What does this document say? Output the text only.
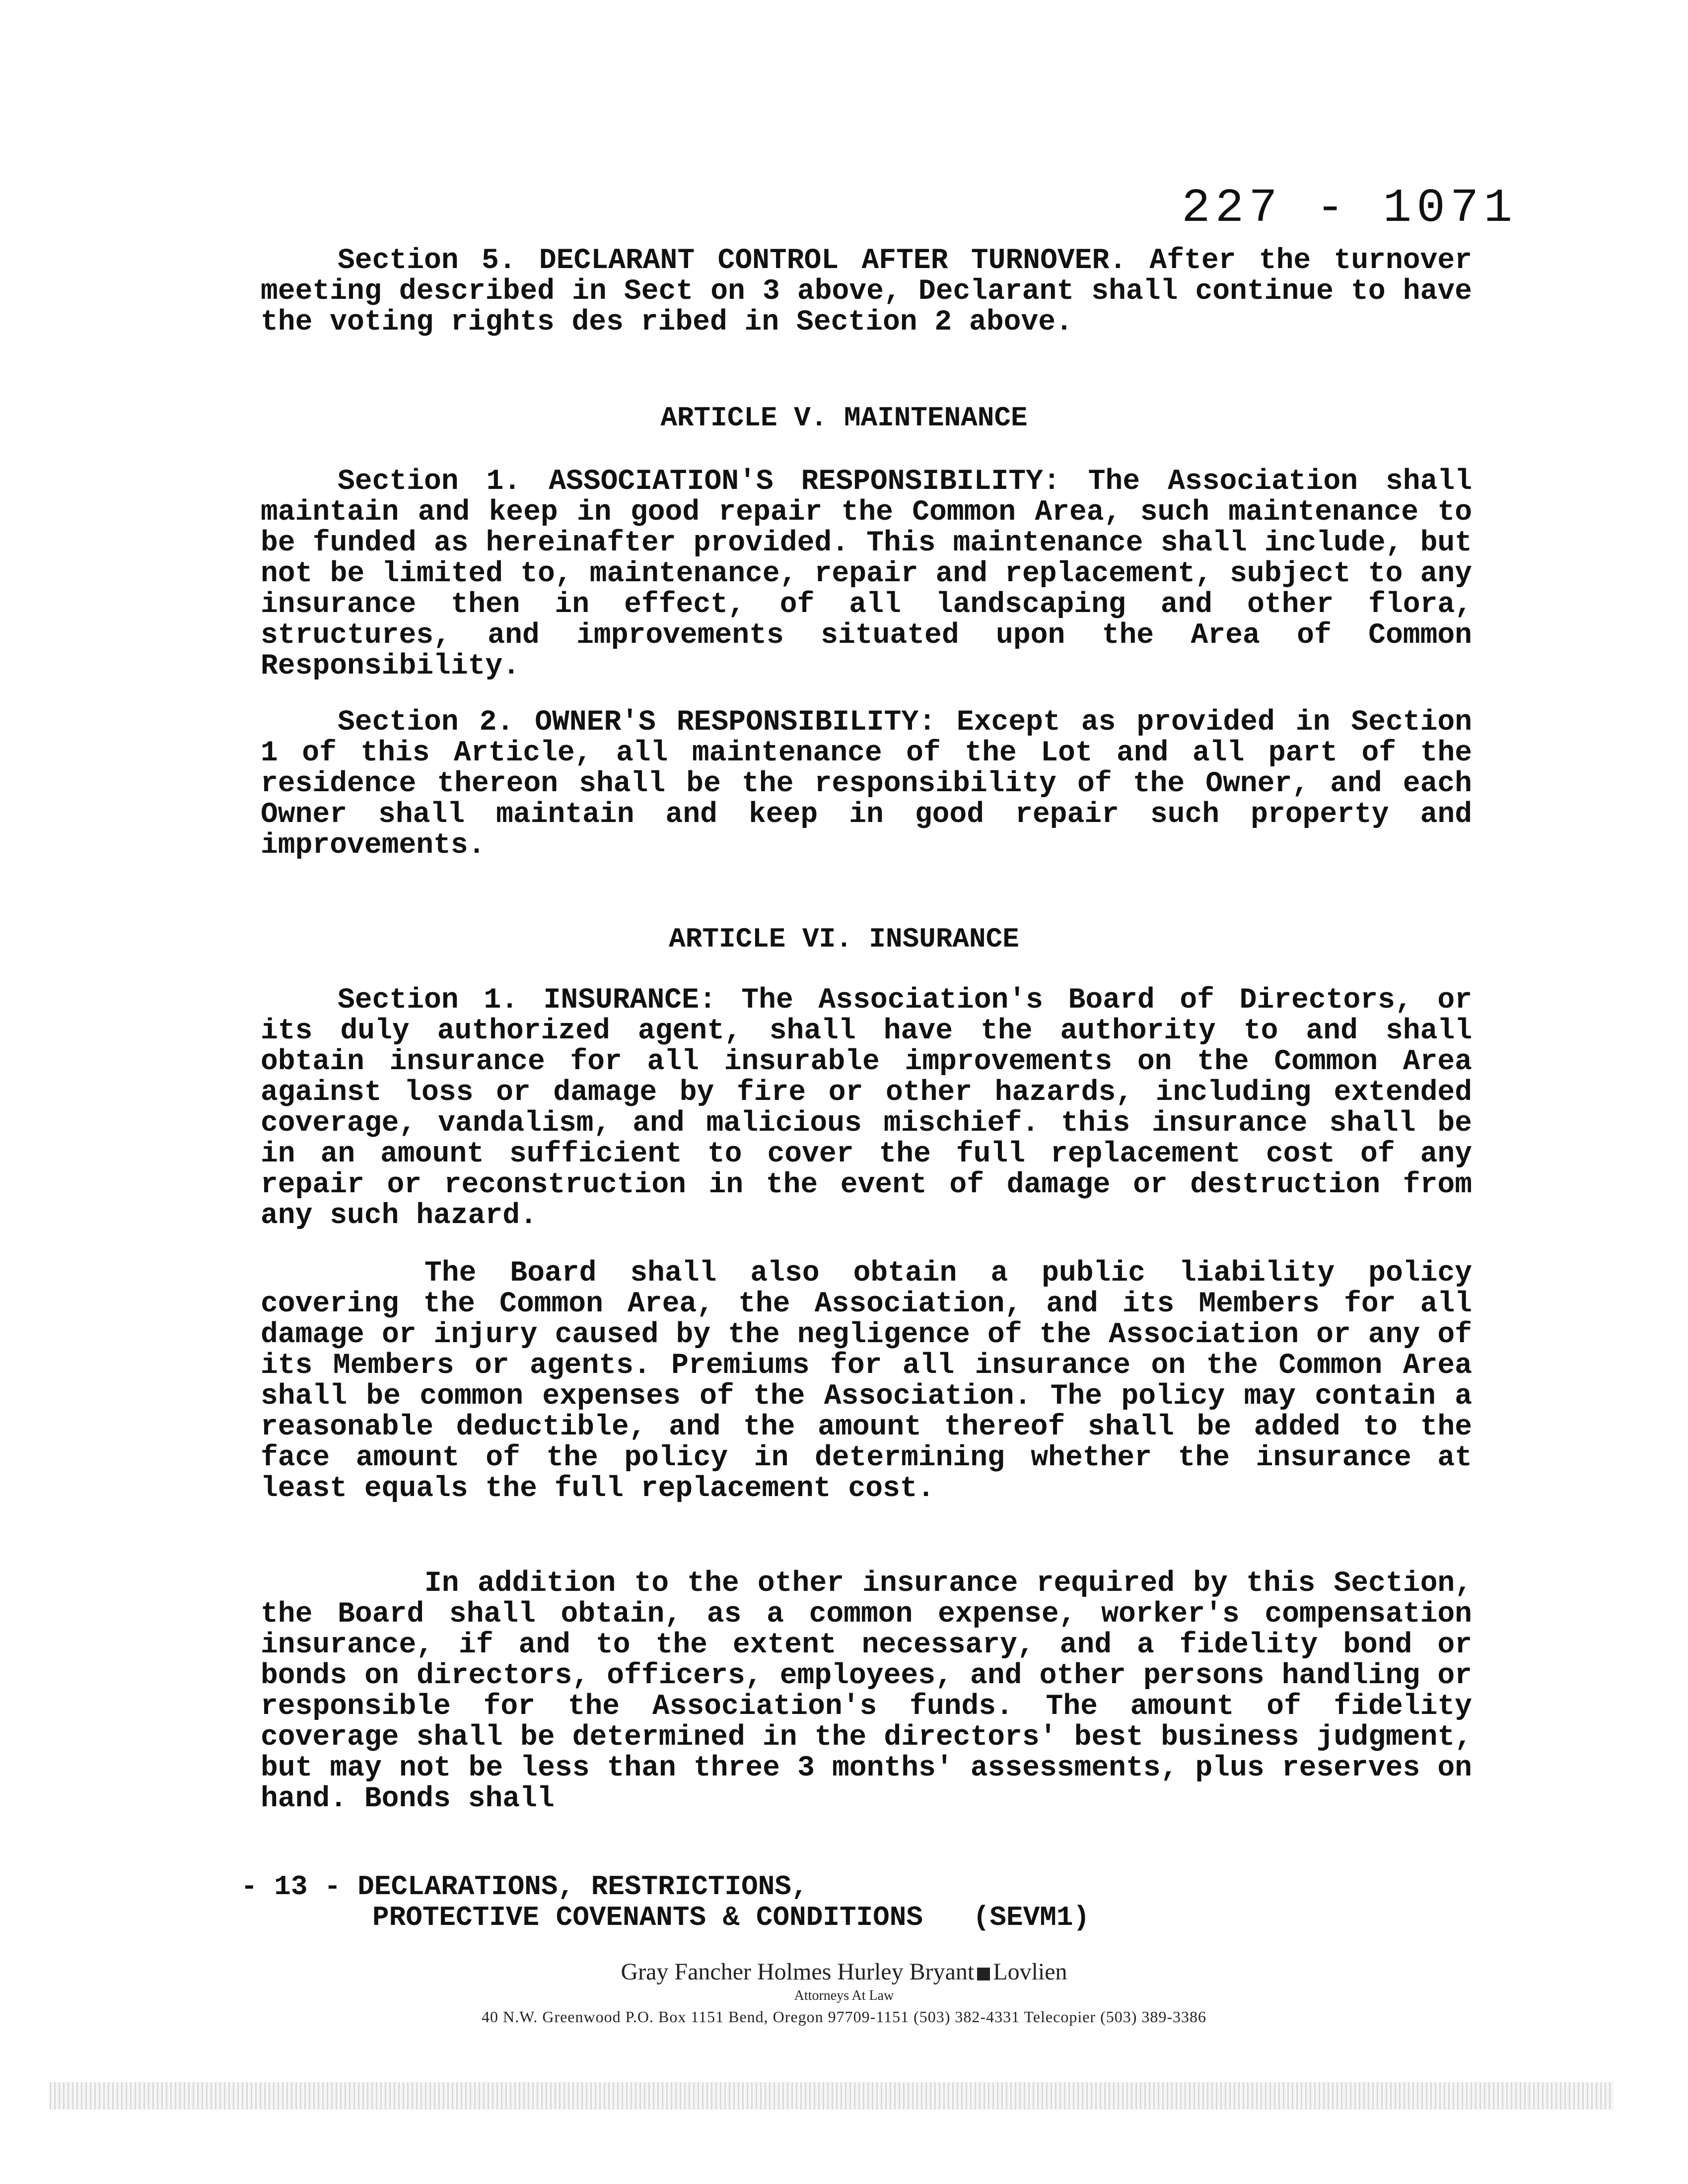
227 - 1071

Section 5. DECLARANT CONTROL AFTER TURNOVER. After the turnover meeting described in Sect on 3 above, Declarant shall continue to have the voting rights des ribed in Section 2 above.

ARTICLE V. MAINTENANCE

Section 1. ASSOCIATION'S RESPONSIBILITY: The Association shall maintain and keep in good repair the Common Area, such maintenance to be funded as hereinafter provided. This maintenance shall include, but not be limited to, maintenance, repair and replacement, subject to any insurance then in effect, of all landscaping and other flora, structures, and improvements situated upon the Area of Common Responsibility.

Section 2. OWNER'S RESPONSIBILITY: Except as provided in Section 1 of this Article, all maintenance of the Lot and all part of the residence thereon shall be the responsibility of the Owner, and each Owner shall maintain and keep in good repair such property and improvements.

ARTICLE VI. INSURANCE

Section 1. INSURANCE: The Association's Board of Directors, or its duly authorized agent, shall have the authority to and shall obtain insurance for all insurable improvements on the Common Area against loss or damage by fire or other hazards, including extended coverage, vandalism, and malicious mischief. this insurance shall be in an amount sufficient to cover the full replacement cost of any repair or reconstruction in the event of damage or destruction from any such hazard.

The Board shall also obtain a public liability policy covering the Common Area, the Association, and its Members for all damage or injury caused by the negligence of the Association or any of its Members or agents. Premiums for all insurance on the Common Area shall be common expenses of the Association. The policy may contain a reasonable deductible, and the amount thereof shall be added to the face amount of the policy in determining whether the insurance at least equals the full replacement cost.

In addition to the other insurance required by this Section, the Board shall obtain, as a common expense, worker's compensation insurance, if and to the extent necessary, and a fidelity bond or bonds on directors, officers, employees, and other persons handling or responsible for the Association's funds. The amount of fidelity coverage shall be determined in the directors' best business judgment, but may not be less than three 3 months' assessments, plus reserves on hand. Bonds shall

- 13 - DECLARATIONS, RESTRICTIONS,
PROTECTIVE COVENANTS & CONDITIONS   (SEVM1)
Gray Fancher Holmes Hurley Bryant Lovlien
Attorneys At Law
40 N.W. Greenwood P.O. Box 1151 Bend, Oregon 97709-1151 (503) 382-4331 Telecopier (503) 389-3386
